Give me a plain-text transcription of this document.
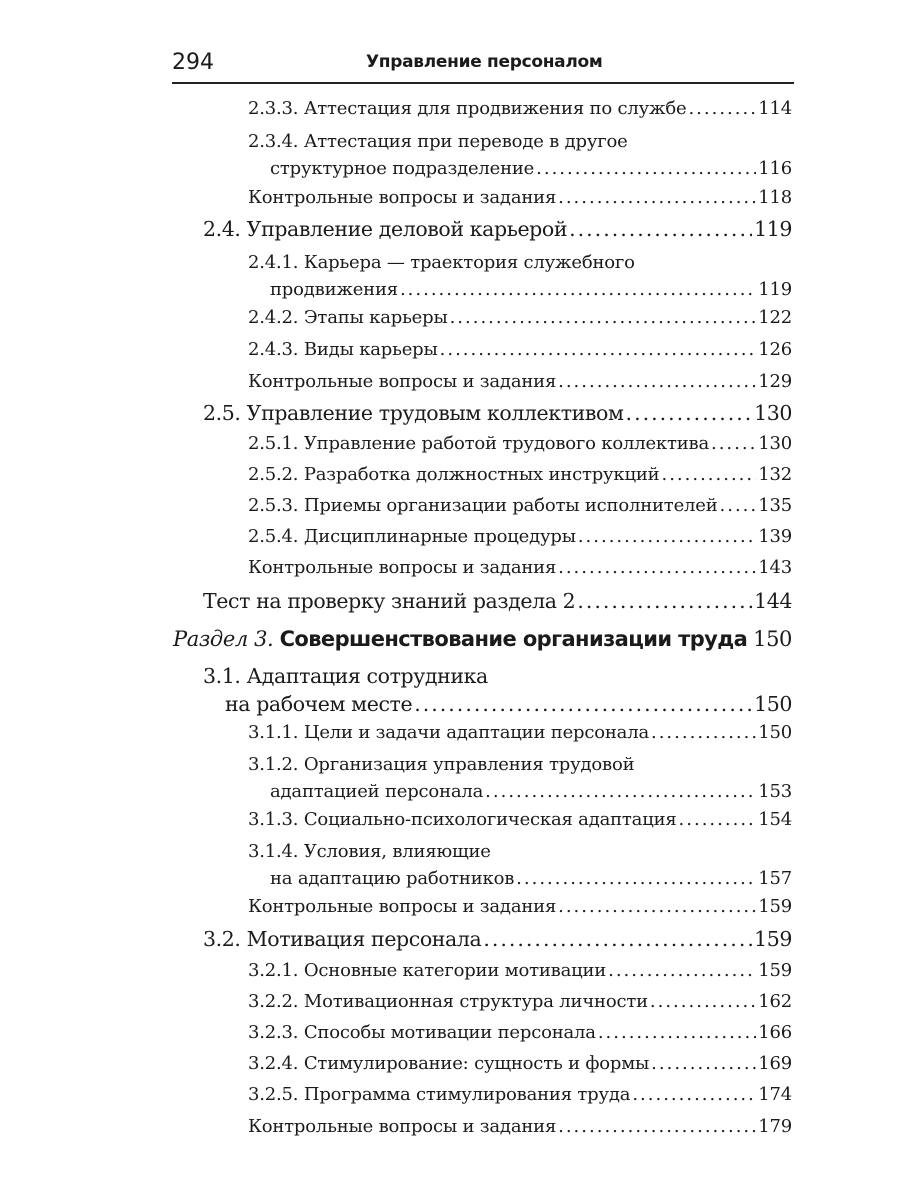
294	Управление персоналом
2.3.3. Аттестация для продвижения по службе .....	114
2.3.4. Аттестация при переводе в другое
структурное подразделение .....	116
Контрольные вопросы и задания .....	118
2.4. Управление деловой карьерой .....	119
2.4.1. Карьера — траектория служебного
продвижения .....	119
2.4.2. Этапы карьеры .....	122
2.4.3. Виды карьеры .....	126
Контрольные вопросы и задания .....	129
2.5. Управление трудовым коллективом .....	130
2.5.1. Управление работой трудового коллектива .....	130
2.5.2. Разработка должностных инструкций .....	132
2.5.3. Приемы организации работы исполнителей ..... 135
2.5.4. Дисциплинарные процедуры .....	139
Контрольные вопросы и задания .....	143
Тест на проверку знаний раздела 2 .....	144
Раздел 3. Совершенствование организации труда ..... 150
3.1. Адаптация сотрудника
на рабочем месте .....	150
3.1.1. Цели и задачи адаптации персонала .....	150
3.1.2. Организация управления трудовой
адаптацией персонала .....	153
3.1.3. Социально-психологическая адаптация .....	154
3.1.4. Условия, влияющие
на адаптацию работников .....	157
Контрольные вопросы и задания .....	159
3.2. Мотивация персонала .....	159
3.2.1. Основные категории мотивации .....	159
3.2.2. Мотивационная структура личности .....	162
3.2.3. Способы мотивации персонала .....	166
3.2.4. Стимулирование: сущность и формы .....	169
3.2.5. Программа стимулирования труда .....	174
Контрольные вопросы и задания .....	179
